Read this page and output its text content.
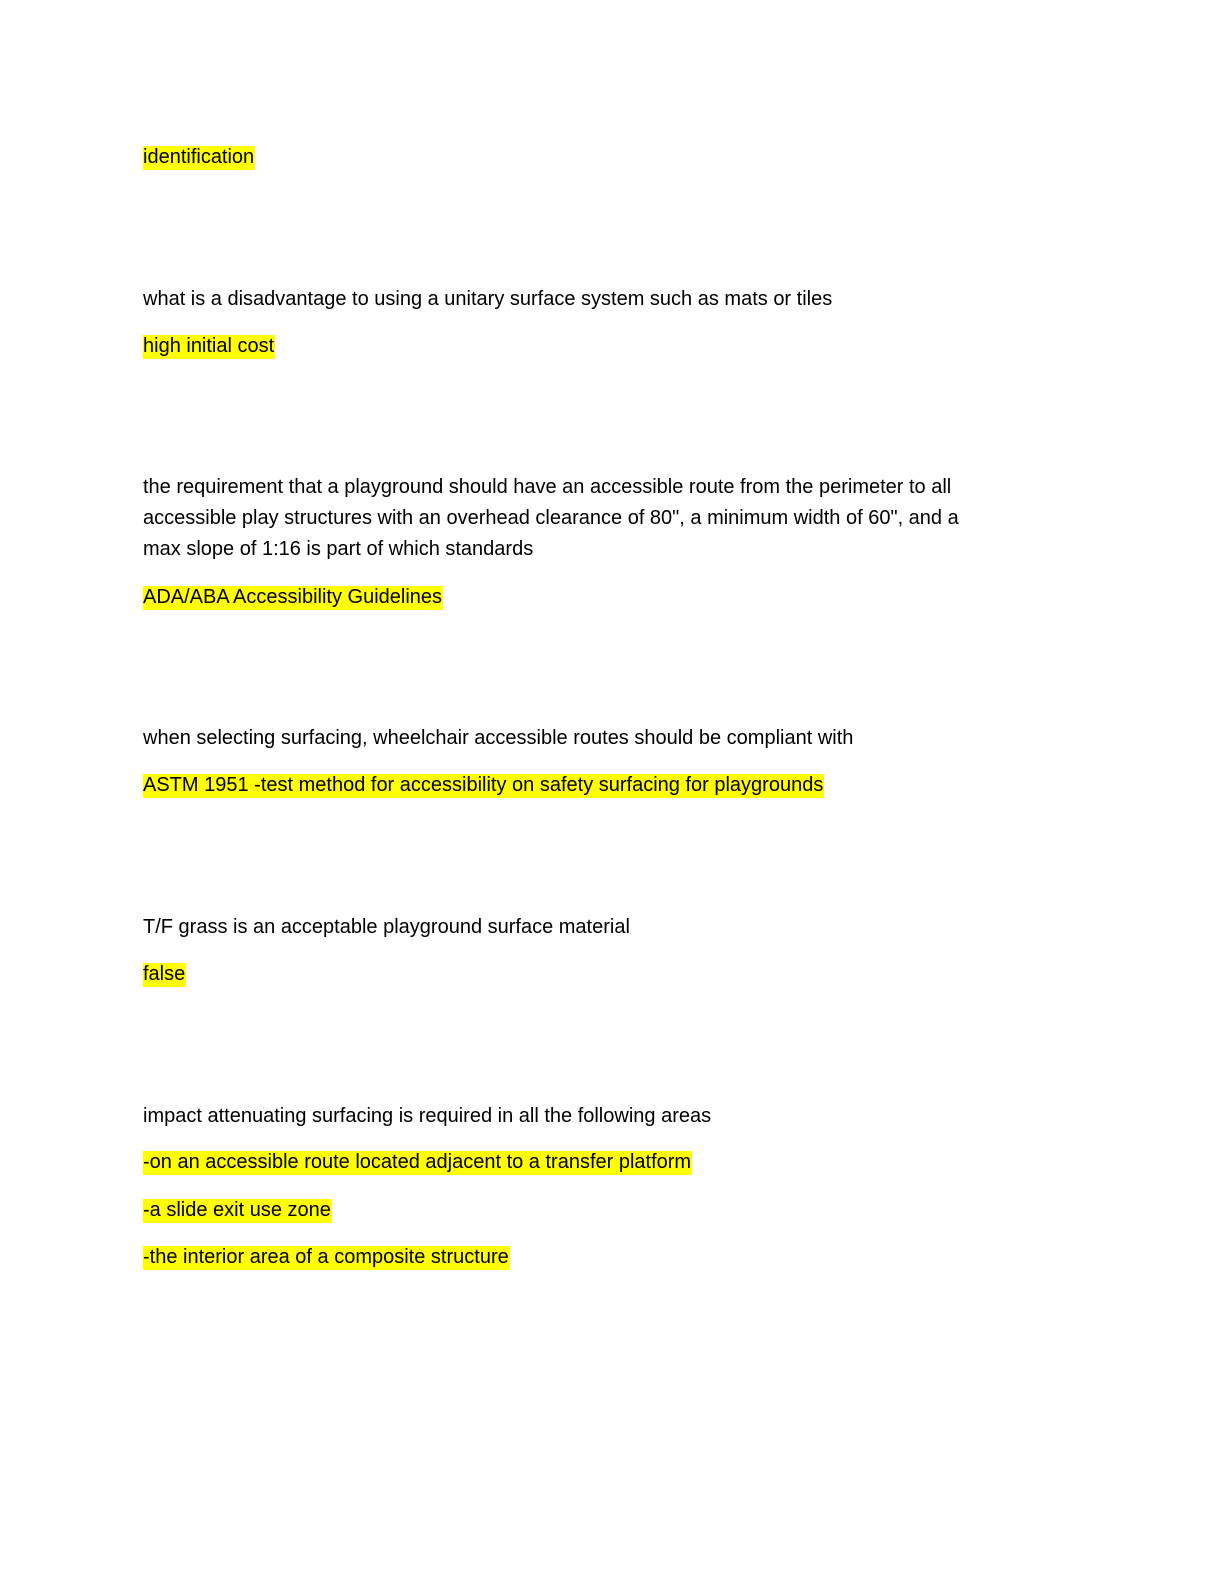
identification
what is a disadvantage to using a unitary surface system such as mats or tiles
high initial cost
the requirement that a playground should have an accessible route from the perimeter to all
accessible play structures with an overhead clearance of 80", a minimum width of 60", and a
max slope of 1:16 is part of which standards
ADA/ABA Accessibility Guidelines
when selecting surfacing, wheelchair accessible routes should be compliant with
ASTM 1951 -test method for accessibility on safety surfacing for playgrounds
T/F grass is an acceptable playground surface material
false
impact attenuating surfacing is required in all the following areas
-on an accessible route located adjacent to a transfer platform
-a slide exit use zone
-the interior area of a composite structure
